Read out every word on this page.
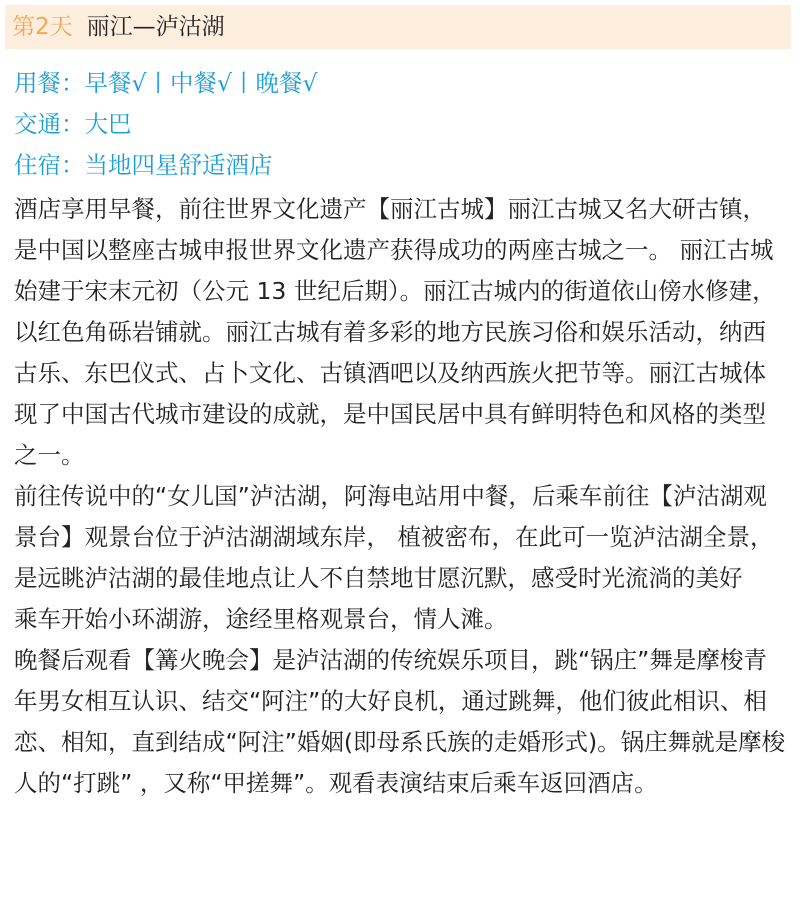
第2天 丽江—泸沽湖
用餐：早餐√丨中餐√丨晚餐√
交通：大巴
住宿：当地四星舒适酒店

酒店享用早餐，前往世界文化遗产【丽江古城】丽江古城又名大研古镇，是中国以整座古城申报世界文化遗产获得成功的两座古城之一。 丽江古城始建于宋末元初（公元 13 世纪后期）。丽江古城内的街道依山傍水修建， 以红色角砾岩铺就。丽江古城有着多彩的地方民族习俗和娱乐活动，纳西古乐、东巴仪式、占卜文化、古镇酒吧以及纳西族火把节等。丽江古城体现了中国古代城市建设的成就，是中国民居中具有鲜明特色和风格的类型之一。

前往传说中的“女儿国”泸沽湖，阿海电站用中餐，后乘车前往【泸沽湖观景台】观景台位于泸沽湖湖域东岸， 植被密布，在此可一览泸沽湖全景，是远眺泸沽湖的最佳地点让人不自禁地甘愿沉默，感受时光流淌的美好

乘车开始小环湖游，途经里格观景台，情人滩。

晚餐后观看【篝火晚会】是泸沽湖的传统娱乐项目，跳“锅庄”舞是摩梭青年男女相互认识、结交“阿注”的大好良机，通过跳舞，他们彼此相识、相恋、相知，直到结成“阿注”婚姻(即母系氏族的走婚形式)。锅庄舞就是摩梭人的“打跳” ，又称“甲搓舞”。观看表演结束后乘车返回酒店。
